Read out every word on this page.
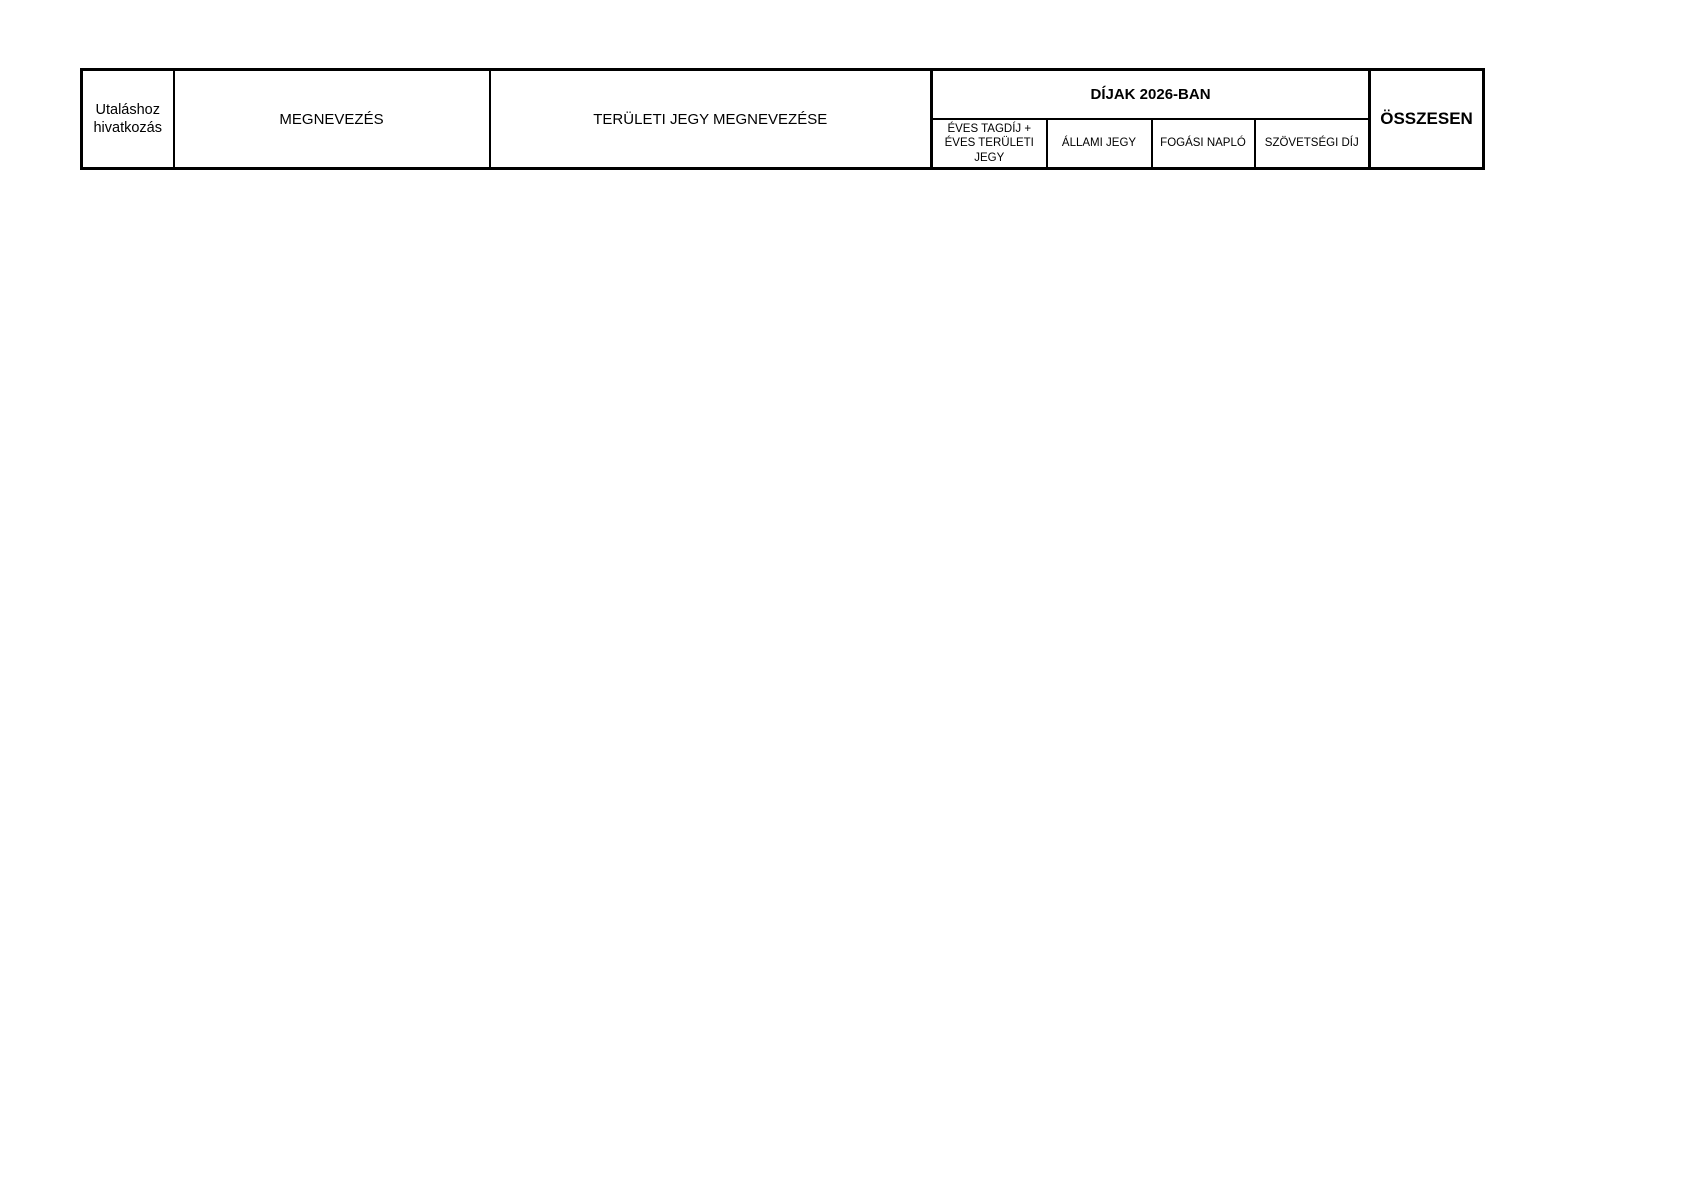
Utaláshoz hivatkozás	MEGNEVEZÉS	TERÜLETI JEGY MEGNEVEZÉSE	DÍJAK 2026-BAN				ÖSSZESEN
			ÉVES TAGDÍJ + ÉVES TERÜLETI JEGY	ÁLLAMI JEGY	FOGÁSI NAPLÓ	SZÖVETSÉGI DÍJ	
